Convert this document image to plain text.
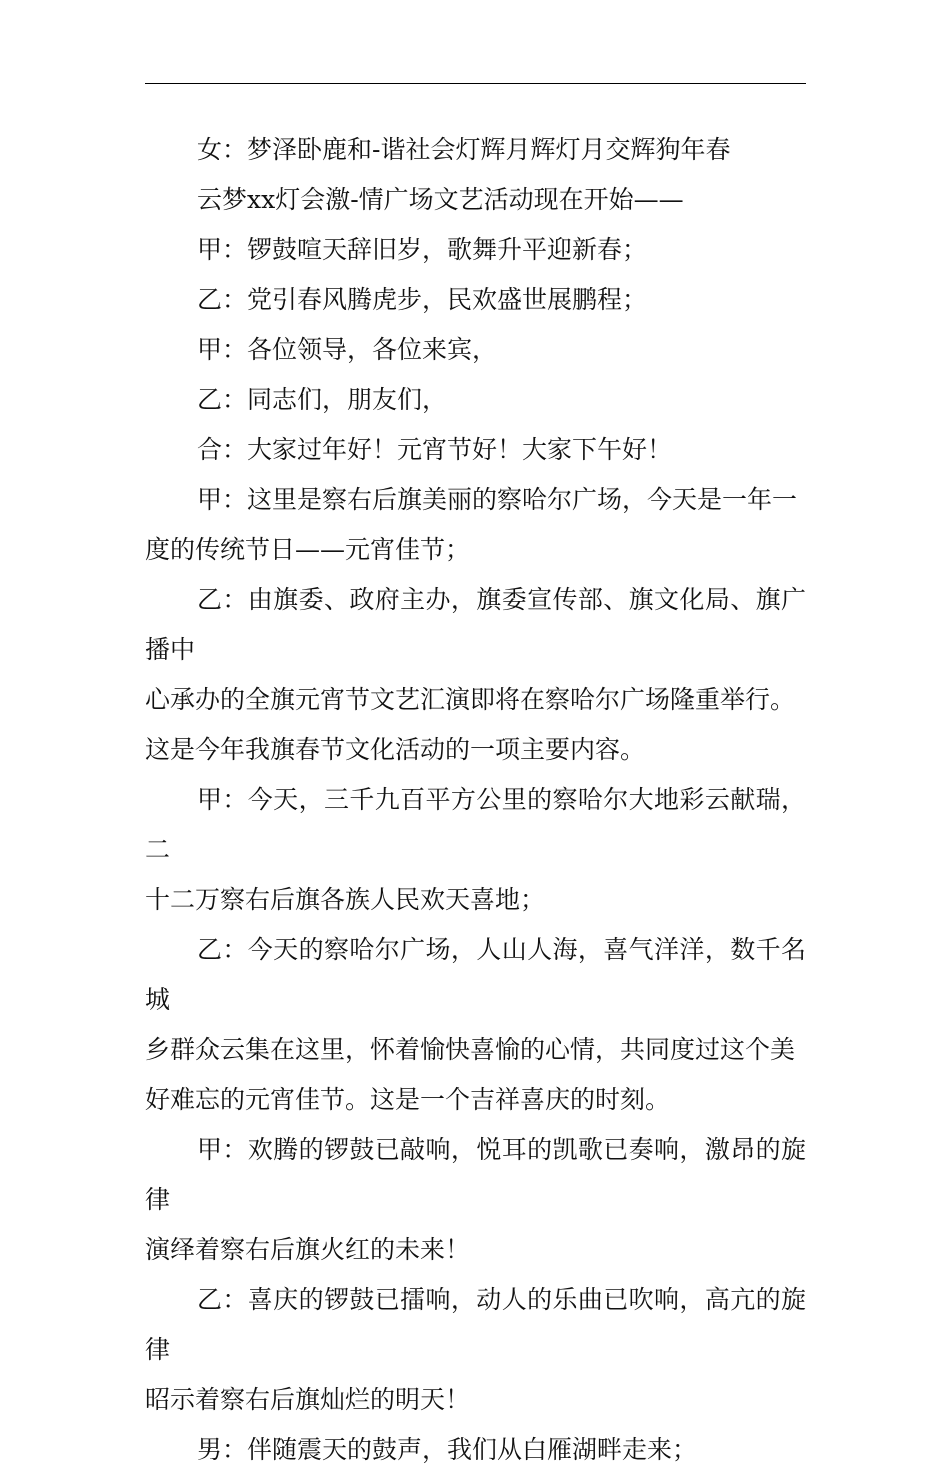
女：梦泽卧鹿和-谐社会灯辉月辉灯月交辉狗年春

云梦xx灯会激-情广场文艺活动现在开始——

甲：锣鼓喧天辞旧岁，歌舞升平迎新春；

乙：党引春风腾虎步，民欢盛世展鹏程；

甲：各位领导，各位来宾，

乙：同志们，朋友们，

合：大家过年好！元宵节好！大家下午好！

甲：这里是察右后旗美丽的察哈尔广场，今天是一年一
度的传统节日——元宵佳节；

乙：由旗委、政府主办，旗委宣传部、旗文化局、旗广播中
心承办的全旗元宵节文艺汇演即将在察哈尔广场隆重举行。
这是今年我旗春节文化活动的一项主要内容。

甲：今天，三千九百平方公里的察哈尔大地彩云献瑞，二
十二万察右后旗各族人民欢天喜地；

乙：今天的察哈尔广场，人山人海，喜气洋洋，数千名城
乡群众云集在这里，怀着愉快喜愉的心情，共同度过这个美
好难忘的元宵佳节。这是一个吉祥喜庆的时刻。

甲：欢腾的锣鼓已敲响，悦耳的凯歌已奏响，激昂的旋律
演绎着察右后旗火红的未来！

乙：喜庆的锣鼓已擂响，动人的乐曲已吹响，高亢的旋律
昭示着察右后旗灿烂的明天！

男：伴随震天的鼓声，我们从白雁湖畔走来；
